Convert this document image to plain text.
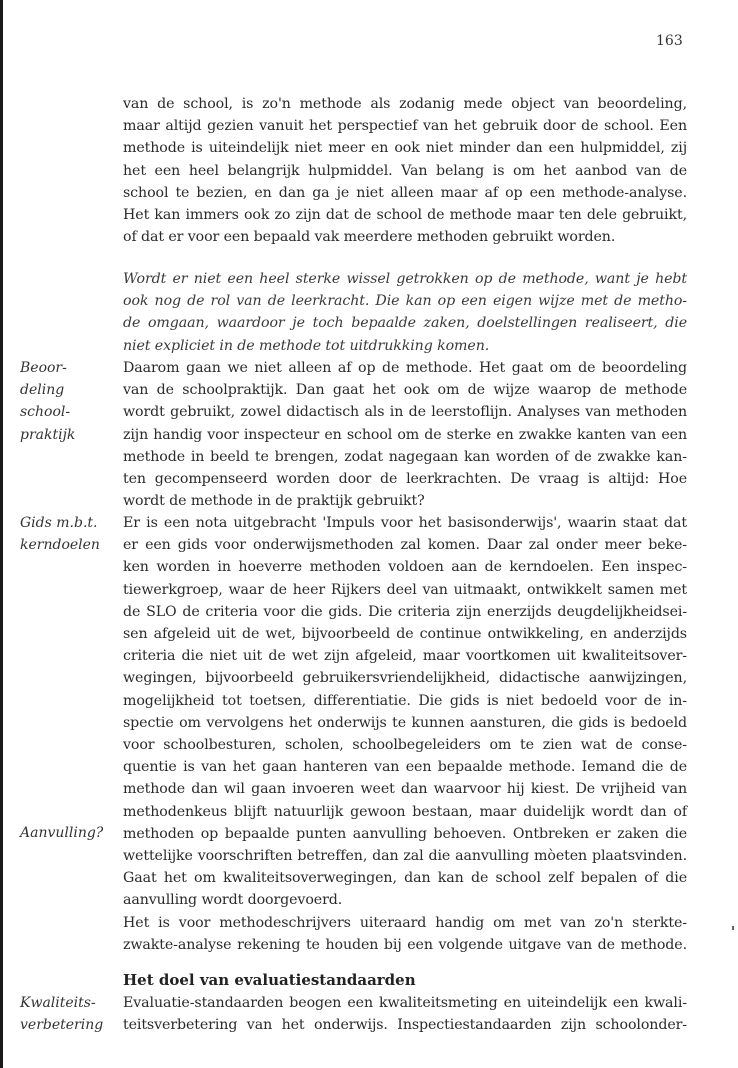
163
van de school, is zo'n methode als zodanig mede object van beoordeling,
maar altijd gezien vanuit het perspectief van het gebruik door de school. Een
methode is uiteindelijk niet meer en ook niet minder dan een hulpmiddel, zij
het een heel belangrijk hulpmiddel. Van belang is om het aanbod van de
school te bezien, en dan ga je niet alleen maar af op een methode-analyse.
Het kan immers ook zo zijn dat de school de methode maar ten dele gebruikt,
of dat er voor een bepaald vak meerdere methoden gebruikt worden.
Wordt er niet een heel sterke wissel getrokken op de methode, want je hebt
ook nog de rol van de leerkracht. Die kan op een eigen wijze met de metho-
de omgaan, waardoor je toch bepaalde zaken, doelstellingen realiseert, die
niet expliciet in de methode tot uitdrukking komen.
Daarom gaan we niet alleen af op de methode. Het gaat om de beoordeling
van de schoolpraktijk. Dan gaat het ook om de wijze waarop de methode
wordt gebruikt, zowel didactisch als in de leerstoflijn. Analyses van methoden
zijn handig voor inspecteur en school om de sterke en zwakke kanten van een
methode in beeld te brengen, zodat nagegaan kan worden of de zwakke kan-
ten gecompenseerd worden door de leerkrachten. De vraag is altijd: Hoe
wordt de methode in de praktijk gebruikt?
Er is een nota uitgebracht 'Impuls voor het basisonderwijs', waarin staat dat
er een gids voor onderwijsmethoden zal komen. Daar zal onder meer beke-
ken worden in hoeverre methoden voldoen aan de kerndoelen. Een inspec-
tiewerkgroep, waar de heer Rijkers deel van uitmaakt, ontwikkelt samen met
de SLO de criteria voor die gids. Die criteria zijn enerzijds deugdelijkheidsei-
sen afgeleid uit de wet, bijvoorbeeld de continue ontwikkeling, en anderzijds
criteria die niet uit de wet zijn afgeleid, maar voortkomen uit kwaliteitsover-
wegingen, bijvoorbeeld gebruikersvriendelijkheid, didactische aanwijzingen,
mogelijkheid tot toetsen, differentiatie. Die gids is niet bedoeld voor de in-
spectie om vervolgens het onderwijs te kunnen aansturen, die gids is bedoeld
voor schoolbesturen, scholen, schoolbegeleiders om te zien wat de conse-
quentie is van het gaan hanteren van een bepaalde methode. Iemand die de
methode dan wil gaan invoeren weet dan waarvoor hij kiest. De vrijheid van
methodenkeus blijft natuurlijk gewoon bestaan, maar duidelijk wordt dan of
methoden op bepaalde punten aanvulling behoeven. Ontbreken er zaken die
wettelijke voorschriften betreffen, dan zal die aanvulling mòeten plaatsvinden.
Gaat het om kwaliteitsoverwegingen, dan kan de school zelf bepalen of die
aanvulling wordt doorgevoerd.
Het is voor methodeschrijvers uiteraard handig om met van zo'n sterkte-
zwakte-analyse rekening te houden bij een volgende uitgave van de methode.
Het doel van evaluatiestandaarden
Evaluatie-standaarden beogen een kwaliteitsmeting en uiteindelijk een kwali-
teitsverbetering van het onderwijs. Inspectiestandaarden zijn schoolonder-
Beoor-
deling
school-
praktijk
Gids m.b.t.
kerndoelen
Aanvulling?
Kwaliteits-
verbetering
